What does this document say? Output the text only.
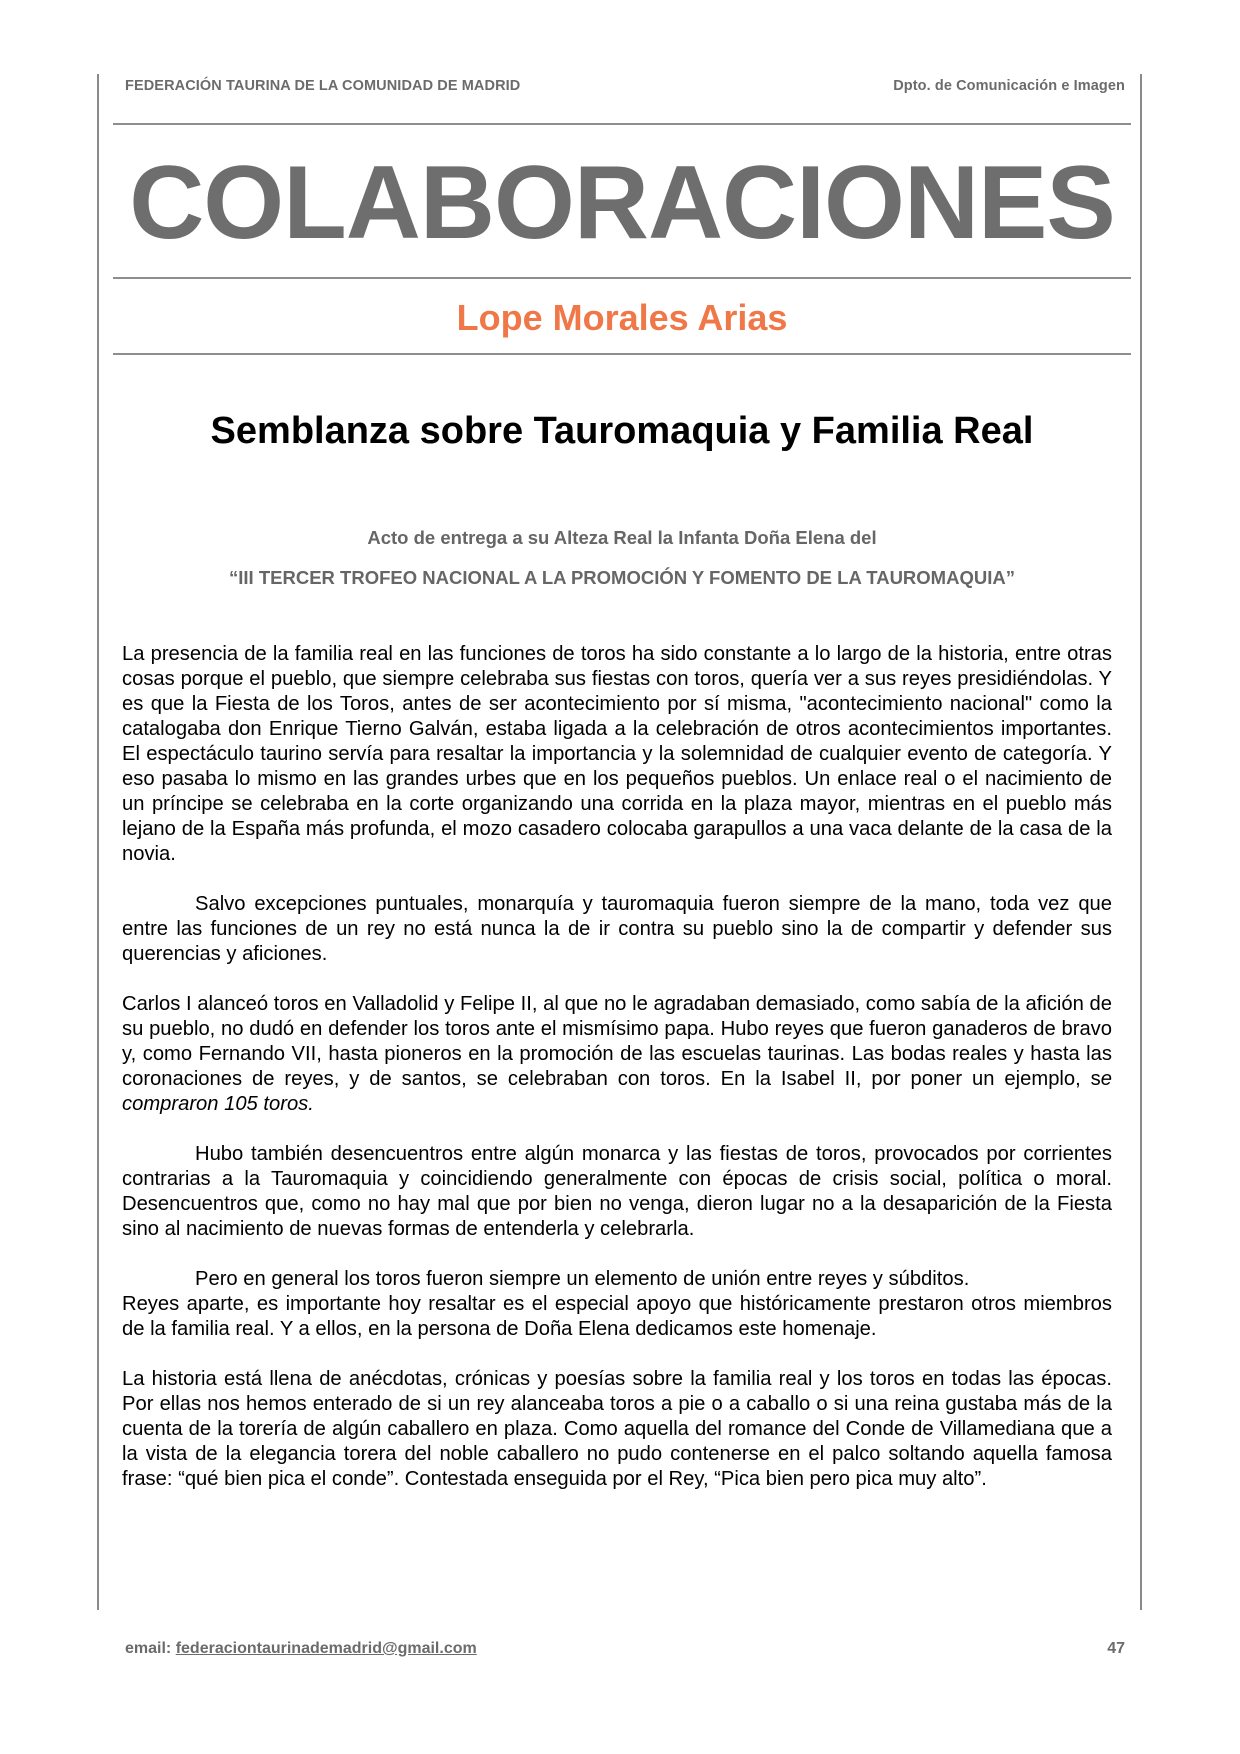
FEDERACIÓN TAURINA DE LA COMUNIDAD DE MADRID	Dpto. de Comunicación e Imagen
COLABORACIONES
Lope Morales Arias
Semblanza sobre Tauromaquia y Familia Real
Acto de entrega a su Alteza Real la Infanta Doña Elena del
“III TERCER TROFEO NACIONAL A LA PROMOCIÓN Y FOMENTO DE LA TAUROMAQUIA”

La presencia de la familia real en las funciones de toros ha sido constante a lo largo de la historia, entre otras cosas porque el pueblo, que siempre celebraba sus fiestas con toros, quería ver a sus reyes presidiéndolas. Y es que la Fiesta de los Toros, antes de ser acontecimiento por sí misma, "acontecimiento nacional" como la catalogaba don Enrique Tierno Galván, estaba ligada a la celebración de otros acontecimientos importantes. El espectáculo taurino servía para resaltar la importancia y la solemnidad de cualquier evento de categoría. Y eso pasaba lo mismo en las grandes urbes que en los pequeños pueblos. Un enlace real o el nacimiento de un príncipe se celebraba en la corte organizando una corrida en la plaza mayor, mientras en el pueblo más lejano de la España más profunda, el mozo casadero colocaba garapullos a una vaca delante de la casa de la novia.

Salvo excepciones puntuales, monarquía y tauromaquia fueron siempre de la mano, toda vez que entre las funciones de un rey no está nunca la de ir contra su pueblo sino la de compartir y defender sus querencias y aficiones.

Carlos I alanceó toros en Valladolid y Felipe II, al que no le agradaban demasiado, como sabía de la afición de su pueblo, no dudó en defender los toros ante el mismísimo papa. Hubo reyes que fueron ganaderos de bravo y, como Fernando VII, hasta pioneros en la promoción de las escuelas taurinas. Las bodas reales y hasta las coronaciones de reyes, y de santos, se celebraban con toros. En la Isabel II, por poner un ejemplo, se compraron 105 toros.

Hubo también desencuentros entre algún monarca y las fiestas de toros, provocados por corrientes contrarias a la Tauromaquia y coincidiendo generalmente con épocas de crisis social, política o moral. Desencuentros que, como no hay mal que por bien no venga, dieron lugar no a la desaparición de la Fiesta sino al nacimiento de nuevas formas de entenderla y celebrarla.

Pero en general los toros fueron siempre un elemento de unión entre reyes y súbditos.

Reyes aparte, es importante hoy resaltar es el especial apoyo que históricamente prestaron otros miembros de la familia real. Y a ellos, en la persona de Doña Elena dedicamos este homenaje.

La historia está llena de anécdotas, crónicas y poesías sobre la familia real y los toros en todas las épocas. Por ellas nos hemos enterado de si un rey alanceaba toros a pie o a caballo o si una reina gustaba más de la cuenta de la torería de algún caballero en plaza. Como aquella del romance del Conde de Villamediana que a la vista de la elegancia torera del noble caballero no pudo contenerse en el palco soltando aquella famosa frase: “qué bien pica el conde”. Contestada enseguida por el Rey, “Pica bien pero pica muy alto”.

email: federaciontaurinademadrid@gmail.com	47
